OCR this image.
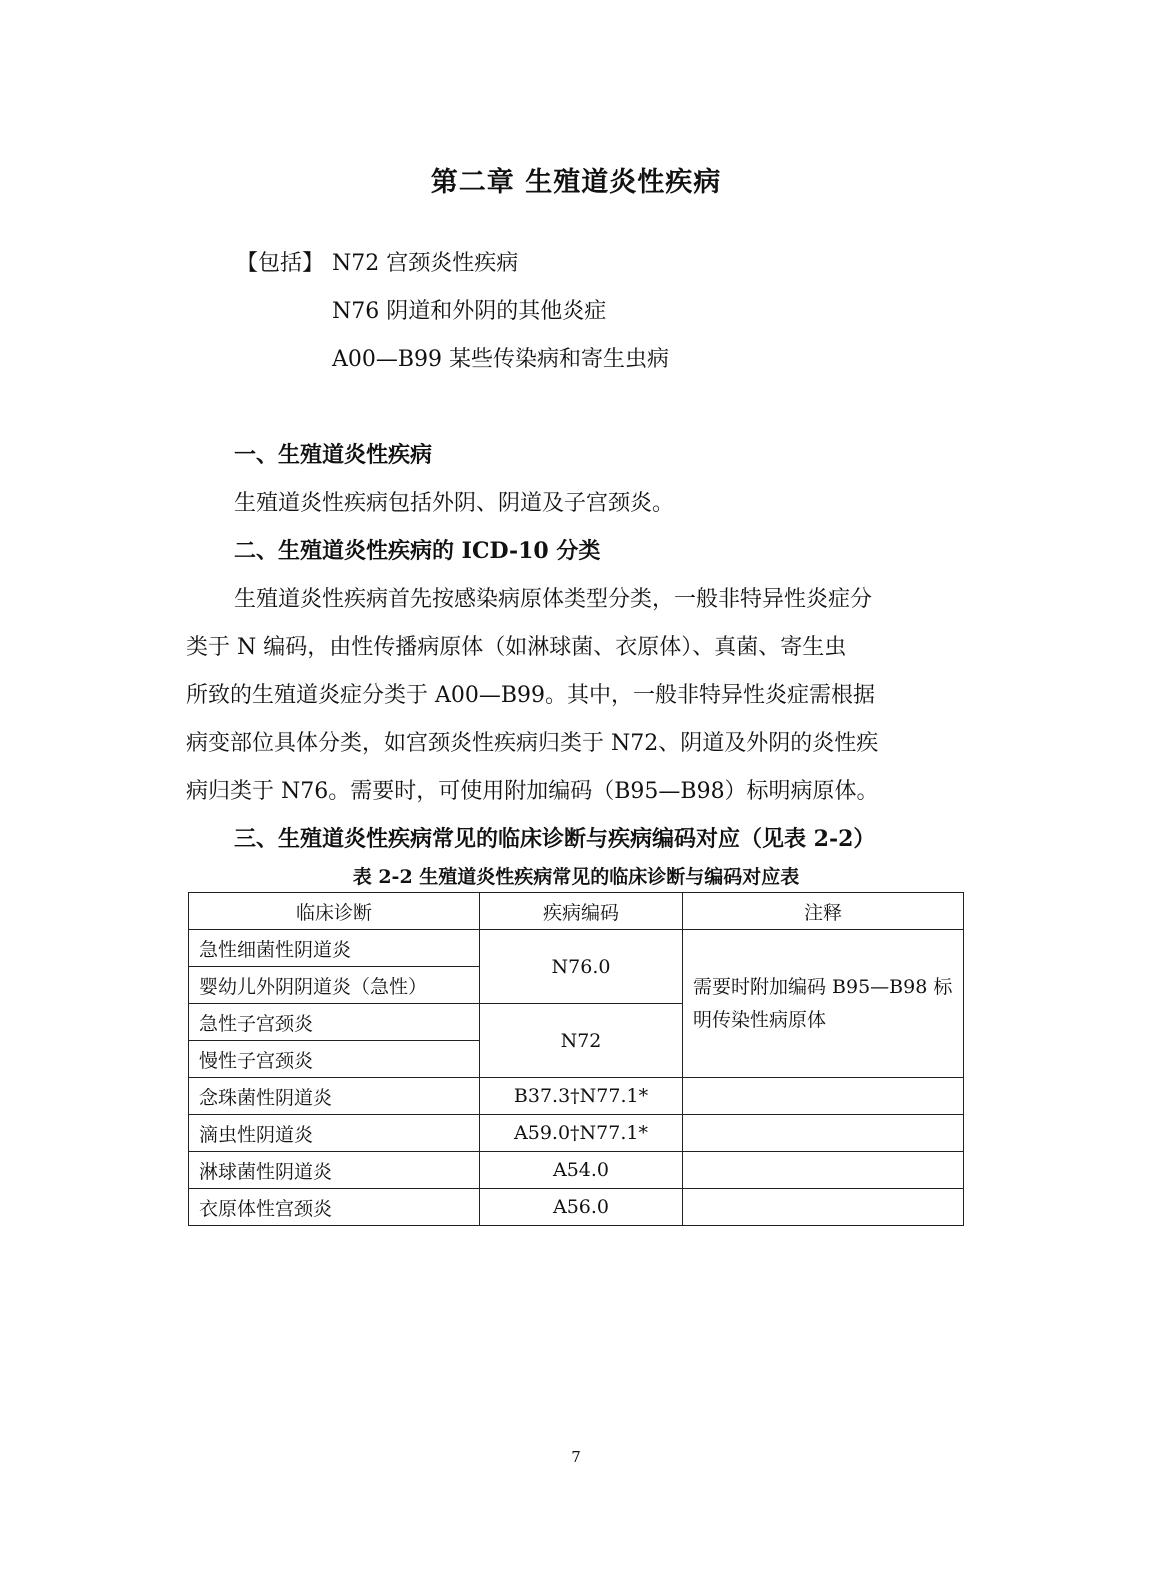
第二章 生殖道炎性疾病
【包括】 N72 宫颈炎性疾病
N76 阴道和外阴的其他炎症
A00—B99 某些传染病和寄生虫病
一、生殖道炎性疾病
生殖道炎性疾病包括外阴、阴道及子宫颈炎。
二、生殖道炎性疾病的 ICD-10 分类
生殖道炎性疾病首先按感染病原体类型分类，一般非特异性炎症分
类于 N 编码，由性传播病原体（如淋球菌、衣原体）、真菌、寄生虫
所致的生殖道炎症分类于 A00—B99。其中，一般非特异性炎症需根据
病变部位具体分类，如宫颈炎性疾病归类于 N72、阴道及外阴的炎性疾
病归类于 N76。需要时，可使用附加编码（B95—B98）标明病原体。
三、生殖道炎性疾病常见的临床诊断与疾病编码对应（见表 2-2）
表 2-2 生殖道炎性疾病常见的临床诊断与编码对应表
临床诊断	疾病编码	注释
急性细菌性阴道炎	N76.0	需要时附加编码 B95—B98 标明传染性病原体
婴幼儿外阴阴道炎（急性）		
急性子宫颈炎	N72	
慢性子宫颈炎		
念珠菌性阴道炎	B37.3†N77.1*	
滴虫性阴道炎	A59.0†N77.1*	
淋球菌性阴道炎	A54.0	
衣原体性宫颈炎	A56.0	
7
